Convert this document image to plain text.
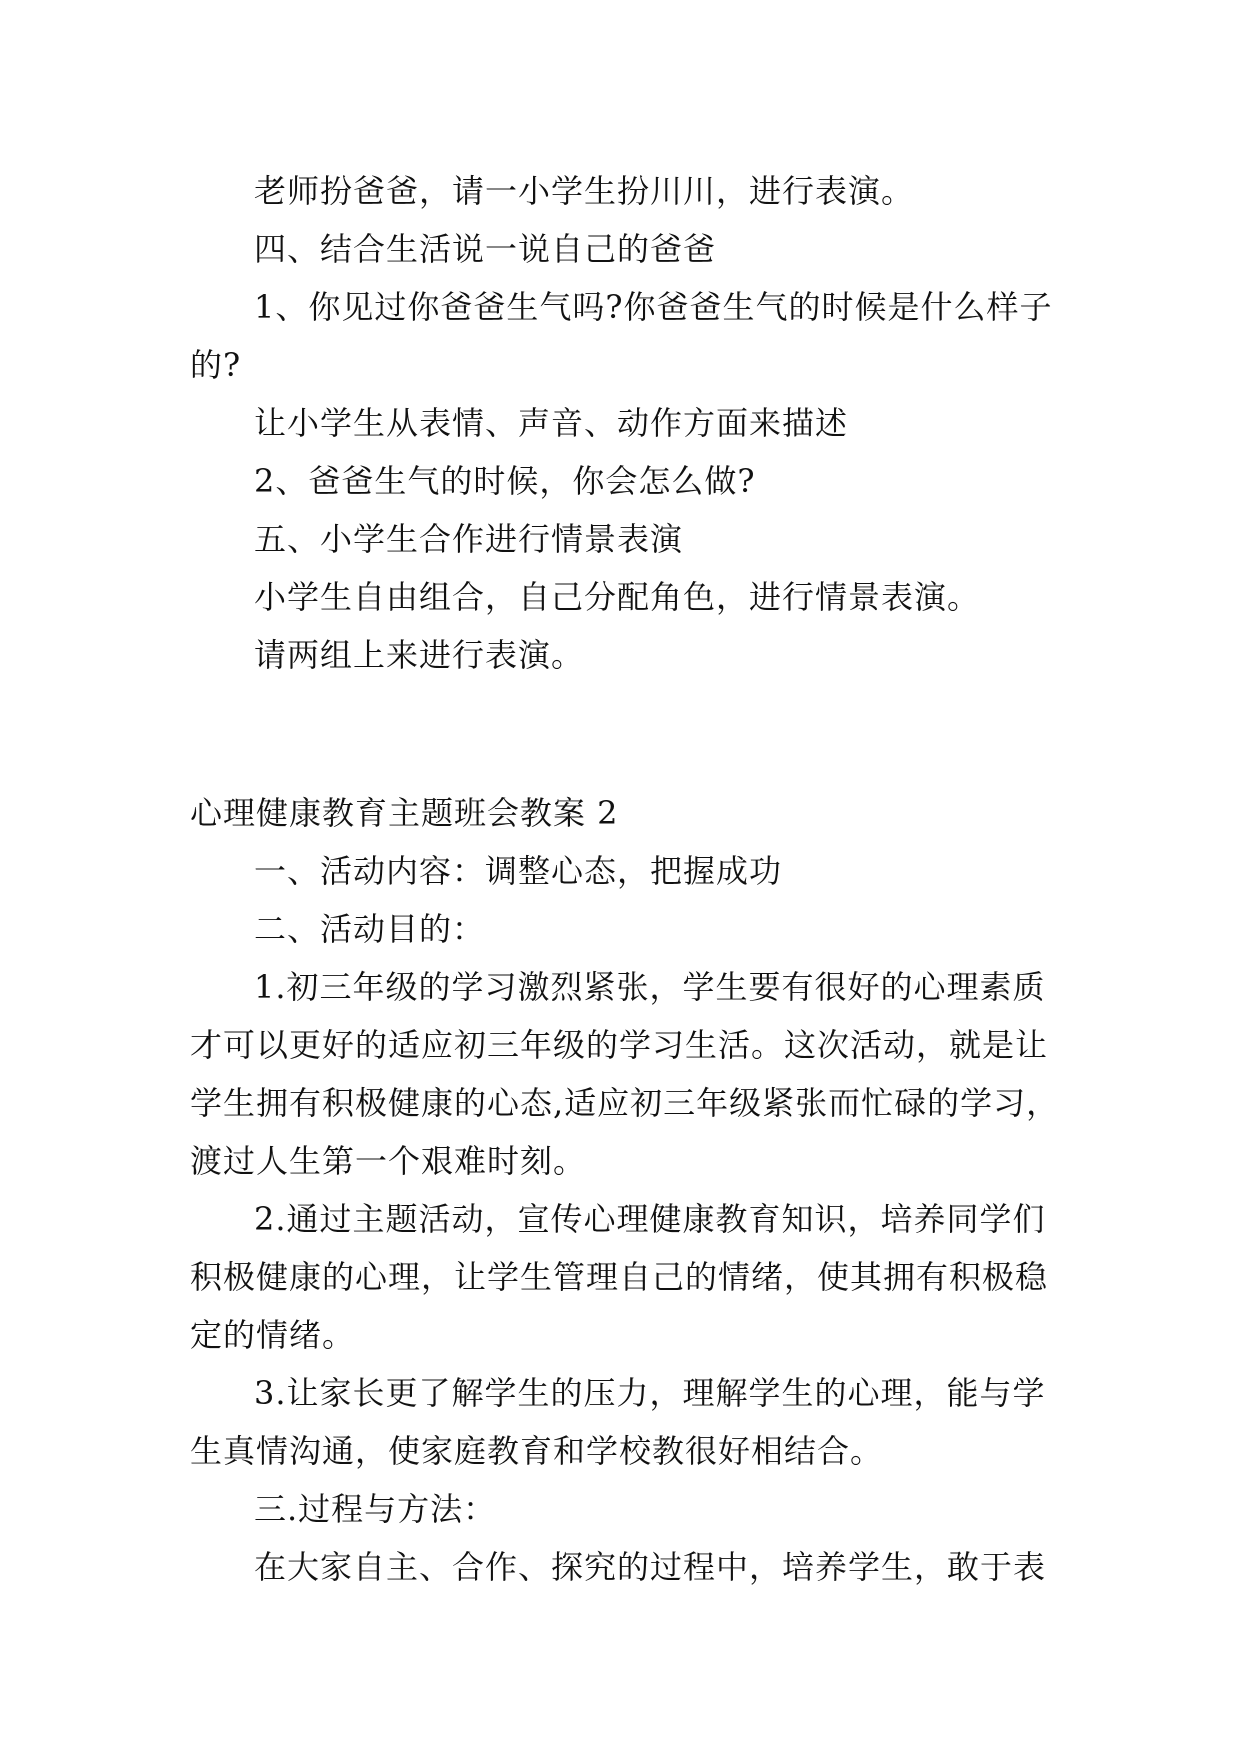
老师扮爸爸，请一小学生扮川川，进行表演。
四、结合生活说一说自己的爸爸
1、你见过你爸爸生气吗?你爸爸生气的时候是什么样子
的?
让小学生从表情、声音、动作方面来描述
2、爸爸生气的时候，你会怎么做?
五、小学生合作进行情景表演
小学生自由组合，自己分配角色，进行情景表演。
请两组上来进行表演。
心理健康教育主题班会教案 2
一、活动内容：调整心态，把握成功
二、活动目的：
1.初三年级的学习激烈紧张，学生要有很好的心理素质
才可以更好的适应初三年级的学习生活。这次活动，就是让
学生拥有积极健康的心态,适应初三年级紧张而忙碌的学习，
渡过人生第一个艰难时刻。
2.通过主题活动，宣传心理健康教育知识，培养同学们
积极健康的心理，让学生管理自己的情绪，使其拥有积极稳
定的情绪。
3.让家长更了解学生的压力，理解学生的心理，能与学
生真情沟通，使家庭教育和学校教很好相结合。
三.过程与方法：
在大家自主、合作、探究的过程中，培养学生，敢于表
